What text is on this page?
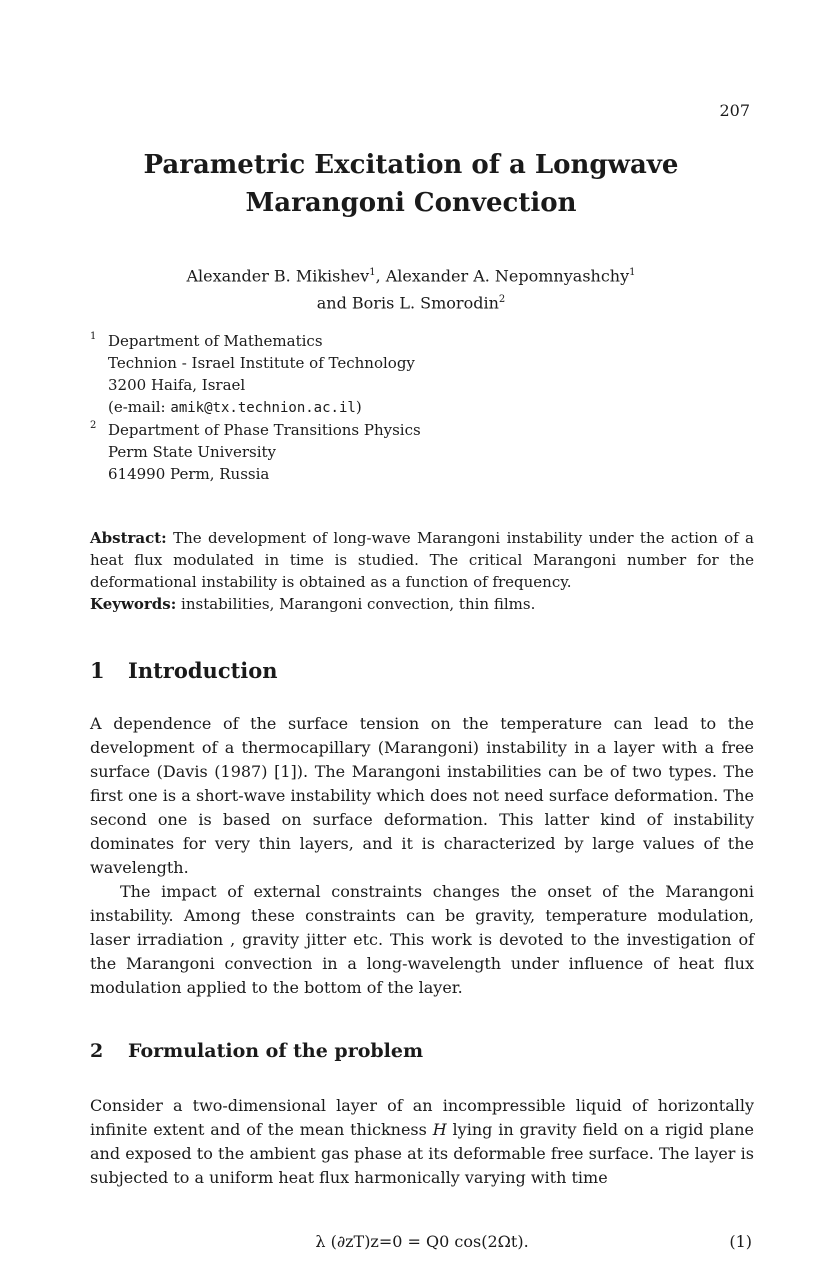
207
Parametric Excitation of a Longwave
Marangoni Convection
Alexander B. Mikishev$^1$, Alexander A. Nepomnyashchy$^1$
and Boris L. Smorodin$^2$
1 Department of Mathematics
Technion - Israel Institute of Technology
3200 Haifa, Israel
(e-mail: amik@tx.technion.ac.il)
2 Department of Phase Transitions Physics
Perm State University
614990 Perm, Russia
Abstract: The development of long-wave Marangoni instability under the action of a heat flux modulated in time is studied. The critical Marangoni number for the deformational instability is obtained as a function of frequency.
Keywords: instabilities, Marangoni convection, thin films.
1 Introduction

A dependence of the surface tension on the temperature can lead to the development of a thermocapillary (Marangoni) instability in a layer with a free surface (Davis (1987) [1]). The Marangoni instabilities can be of two types. The first one is a short-wave instability which does not need surface deformation. The second one is based on surface deformation. This latter kind of instability dominates for very thin layers, and it is characterized by large values of the wavelength.

The impact of external constraints changes the onset of the Marangoni instability. Among these constraints can be gravity, temperature modulation, laser irradiation , gravity jitter etc. This work is devoted to the investigation of the Marangoni convection in a long-wavelength under influence of heat flux modulation applied to the bottom of the layer.

2 Formulation of the problem

Consider a two-dimensional layer of an incompressible liquid of horizontally infinite extent and of the mean thickness H lying in gravity field on a rigid plane and exposed to the ambient gas phase at its deformable free surface. The layer is subjected to a uniform heat flux harmonically varying with time

λ (∂zT)z=0 = Q0 cos(2Ωt).	(1)
